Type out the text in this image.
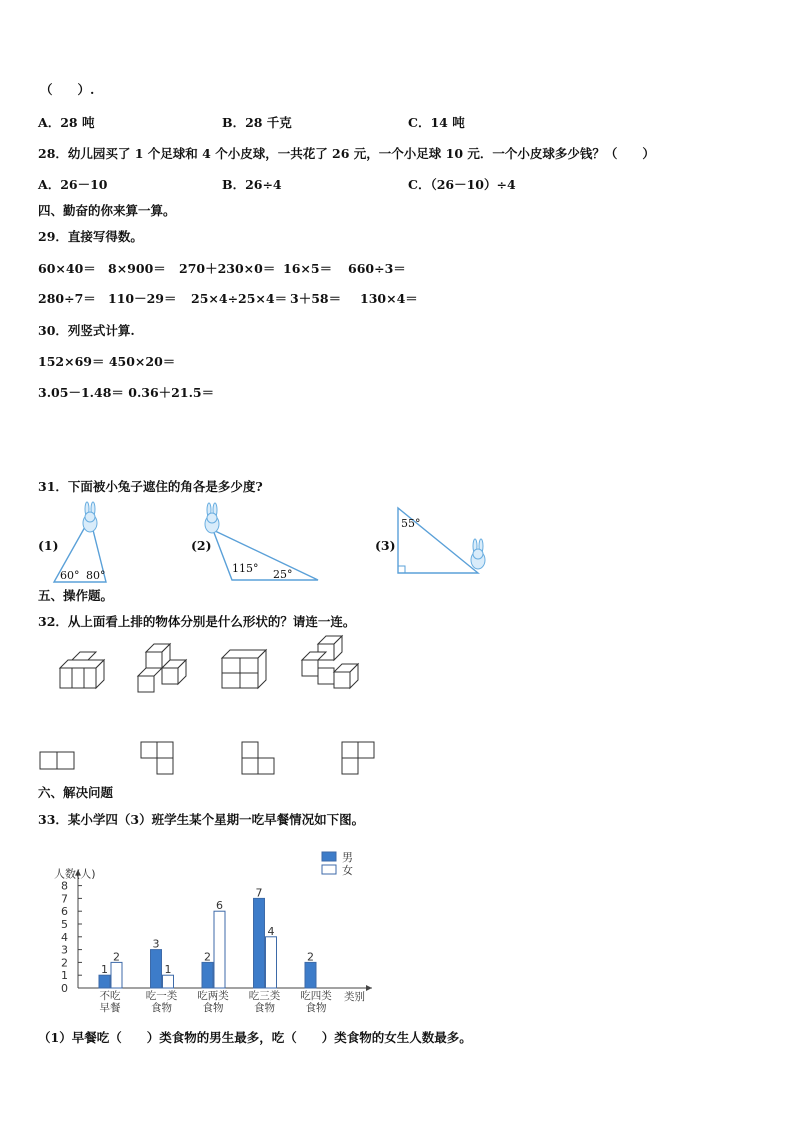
（　　）.
A．28 吨	B．28 千克	C．14 吨
28．幼儿园买了 1 个足球和 4 个小皮球，一共花了 26 元，一个小足球 10 元．一个小皮球多少钱？（　　）
A．26－10	B．26÷4	C．（26－10）÷4
四、勤奋的你来算一算。
29．直接写得数。
60×40＝ 8×900＝ 270＋230×0＝ 16×5＝ 660÷3＝
280÷7＝ 110－29＝ 25×4÷25×4＝ 3＋58＝ 130×4＝
30．列竖式计算.
152×69＝ 450×20＝
3.05－1.48＝ 0.36＋21.5＝
31．下面被小兔子遮住的角各是多少度?
(1)	(2)	(3)
60° 80°
115° 25°
55°
五、操作题。
32．从上面看上排的物体分别是什么形状的？请连一连。
六、解决问题
33．某小学四（3）班学生某个星期一吃早餐情况如下图。
人数(人)
类别
0
1
2
3
4
5
6
7
8
1
2
不吃
早餐
3
1
吃一类
食物
2
6
吃两类
食物
7
4
吃三类
食物
2
吃四类
食物
男
女
（1）早餐吃（　　）类食物的男生最多，吃（　　）类食物的女生人数最多。
